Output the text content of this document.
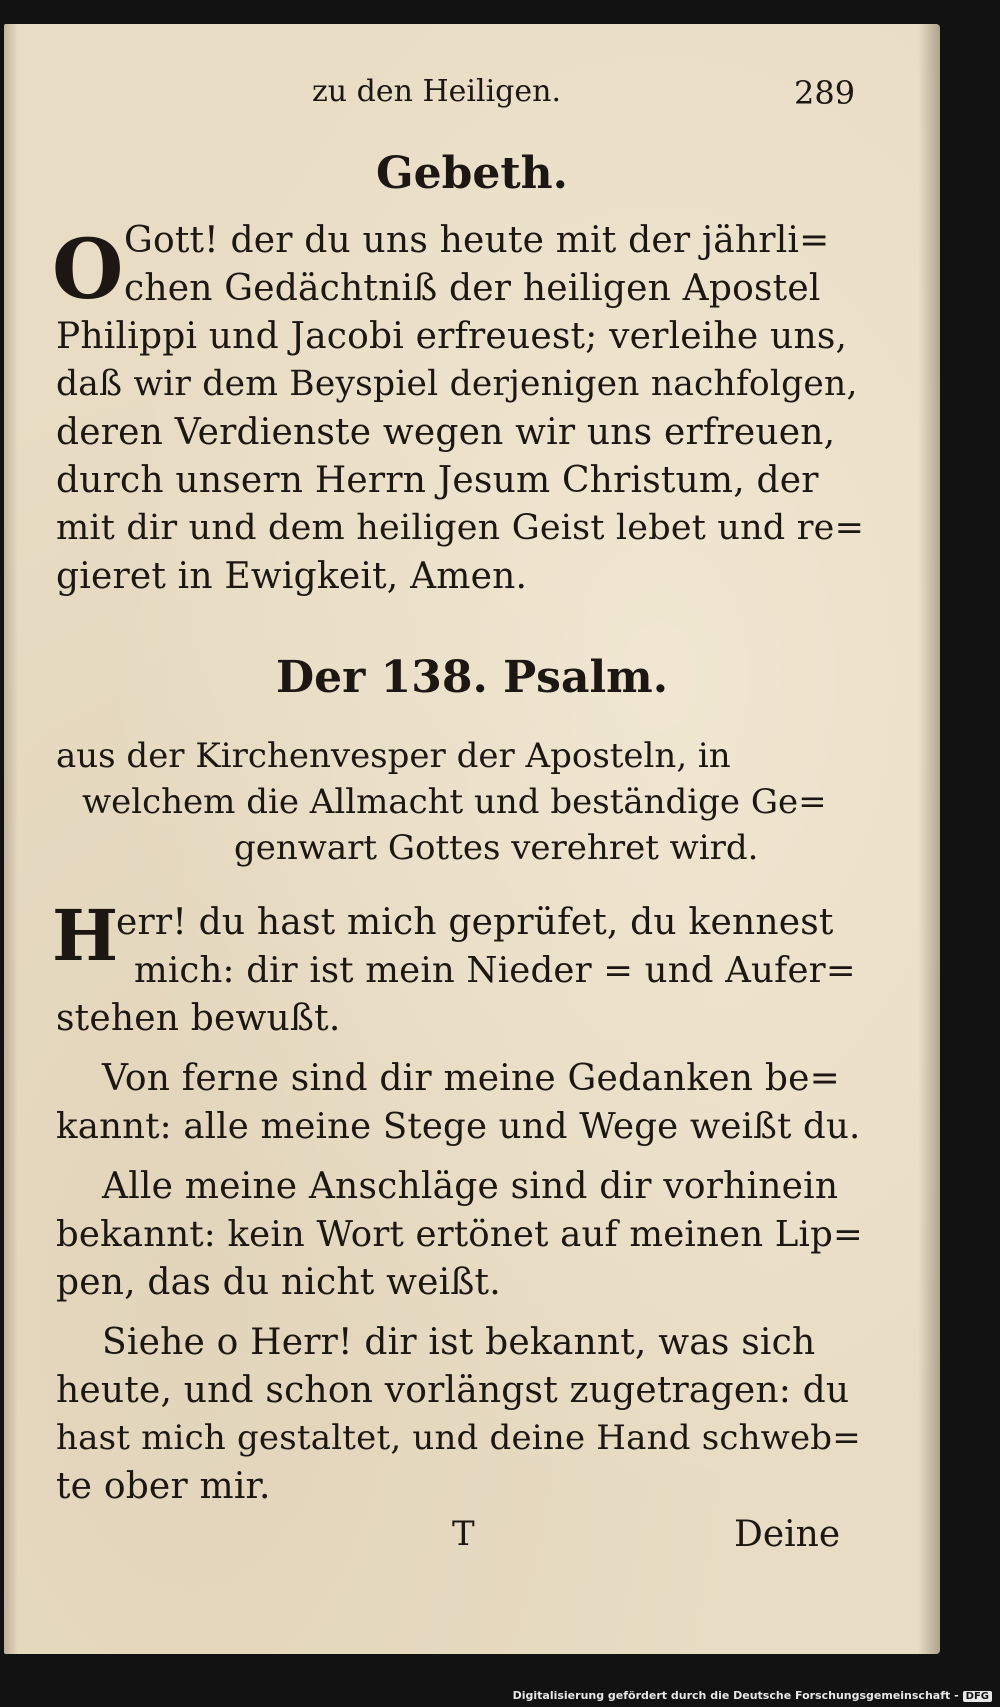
zu den Heiligen.	289
Gebeth.
O Gott! der du uns heute mit der jährli=
chen Gedächtniß der heiligen Apostel
Philippi und Jacobi erfreuest; verleihe uns,
daß wir dem Beyspiel derjenigen nachfolgen,
deren Verdienste wegen wir uns erfreuen,
durch unsern Herrn Jesum Christum, der
mit dir und dem heiligen Geist lebet und re=
gieret in Ewigkeit, Amen.
Der 138. Psalm.
aus der Kirchenvesper der Aposteln, in
welchem die Allmacht und beständige Ge=
genwart Gottes verehret wird.
H
err! du hast mich geprüfet, du kennest
mich: dir ist mein Nieder = und Aufer=
stehen bewußt.
Von ferne sind dir meine Gedanken be=
kannt: alle meine Stege und Wege weißt du.
Alle meine Anschläge sind dir vorhinein
bekannt: kein Wort ertönet auf meinen Lip=
pen, das du nicht weißt.
Siehe o Herr! dir ist bekannt, was sich
heute, und schon vorlängst zugetragen: du
hast mich gestaltet, und deine Hand schweb=
te ober mir.
T	Deine
Digitalisierung gefördert durch die Deutsche Forschungsgemeinschaft - DFG
